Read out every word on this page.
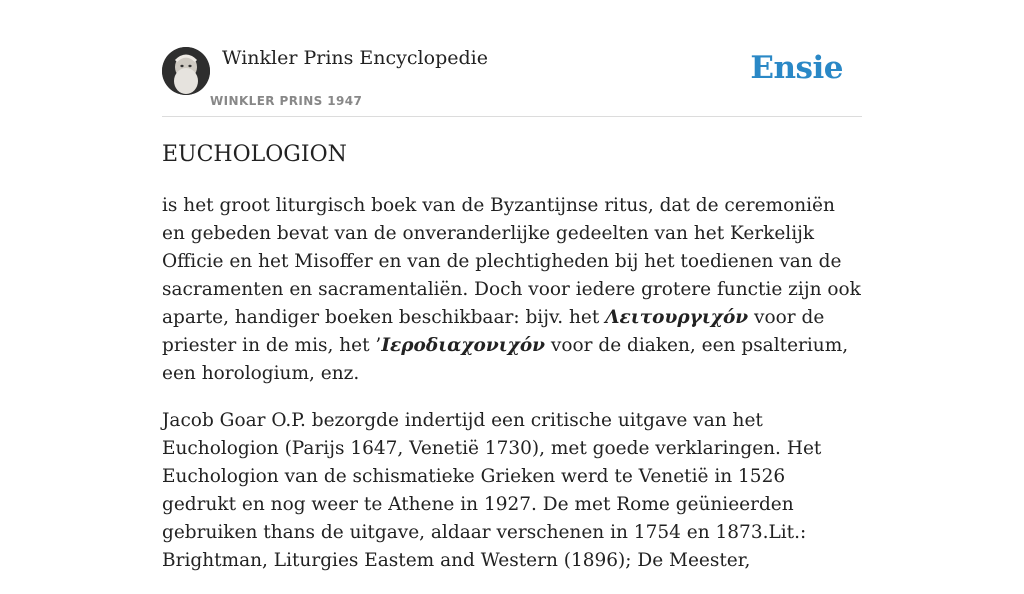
Winkler Prins Encyclopedie
WINKLER PRINS 1947
Ensie
EUCHOLOGION

is het groot liturgisch boek van de Byzantijnse ritus, dat de ceremoniën en gebeden bevat van de onveranderlijke gedeelten van het Kerkelijk Officie en het Misoffer en van de plechtigheden bij het toedienen van de sacramenten en sacramentaliën. Doch voor iedere grotere functie zijn ook aparte, handiger boeken beschikbaar: bijv. het Λειτουργιχόν voor de priester in de mis, het ’Ιεροδιαχονιχόν voor de diaken, een psalterium, een horologium, enz.

Jacob Goar O.P. bezorgde indertijd een critische uitgave van het Euchologion (Parijs 1647, Venetië 1730), met goede verklaringen. Het Euchologion van de schismatieke Grieken werd te Venetië in 1526 gedrukt en nog weer te Athene in 1927. De met Rome geünieerden gebruiken thans de uitgave, aldaar verschenen in 1754 en 1873.Lit.: Brightman, Liturgies Eastem and Western (1896); De Meester,
